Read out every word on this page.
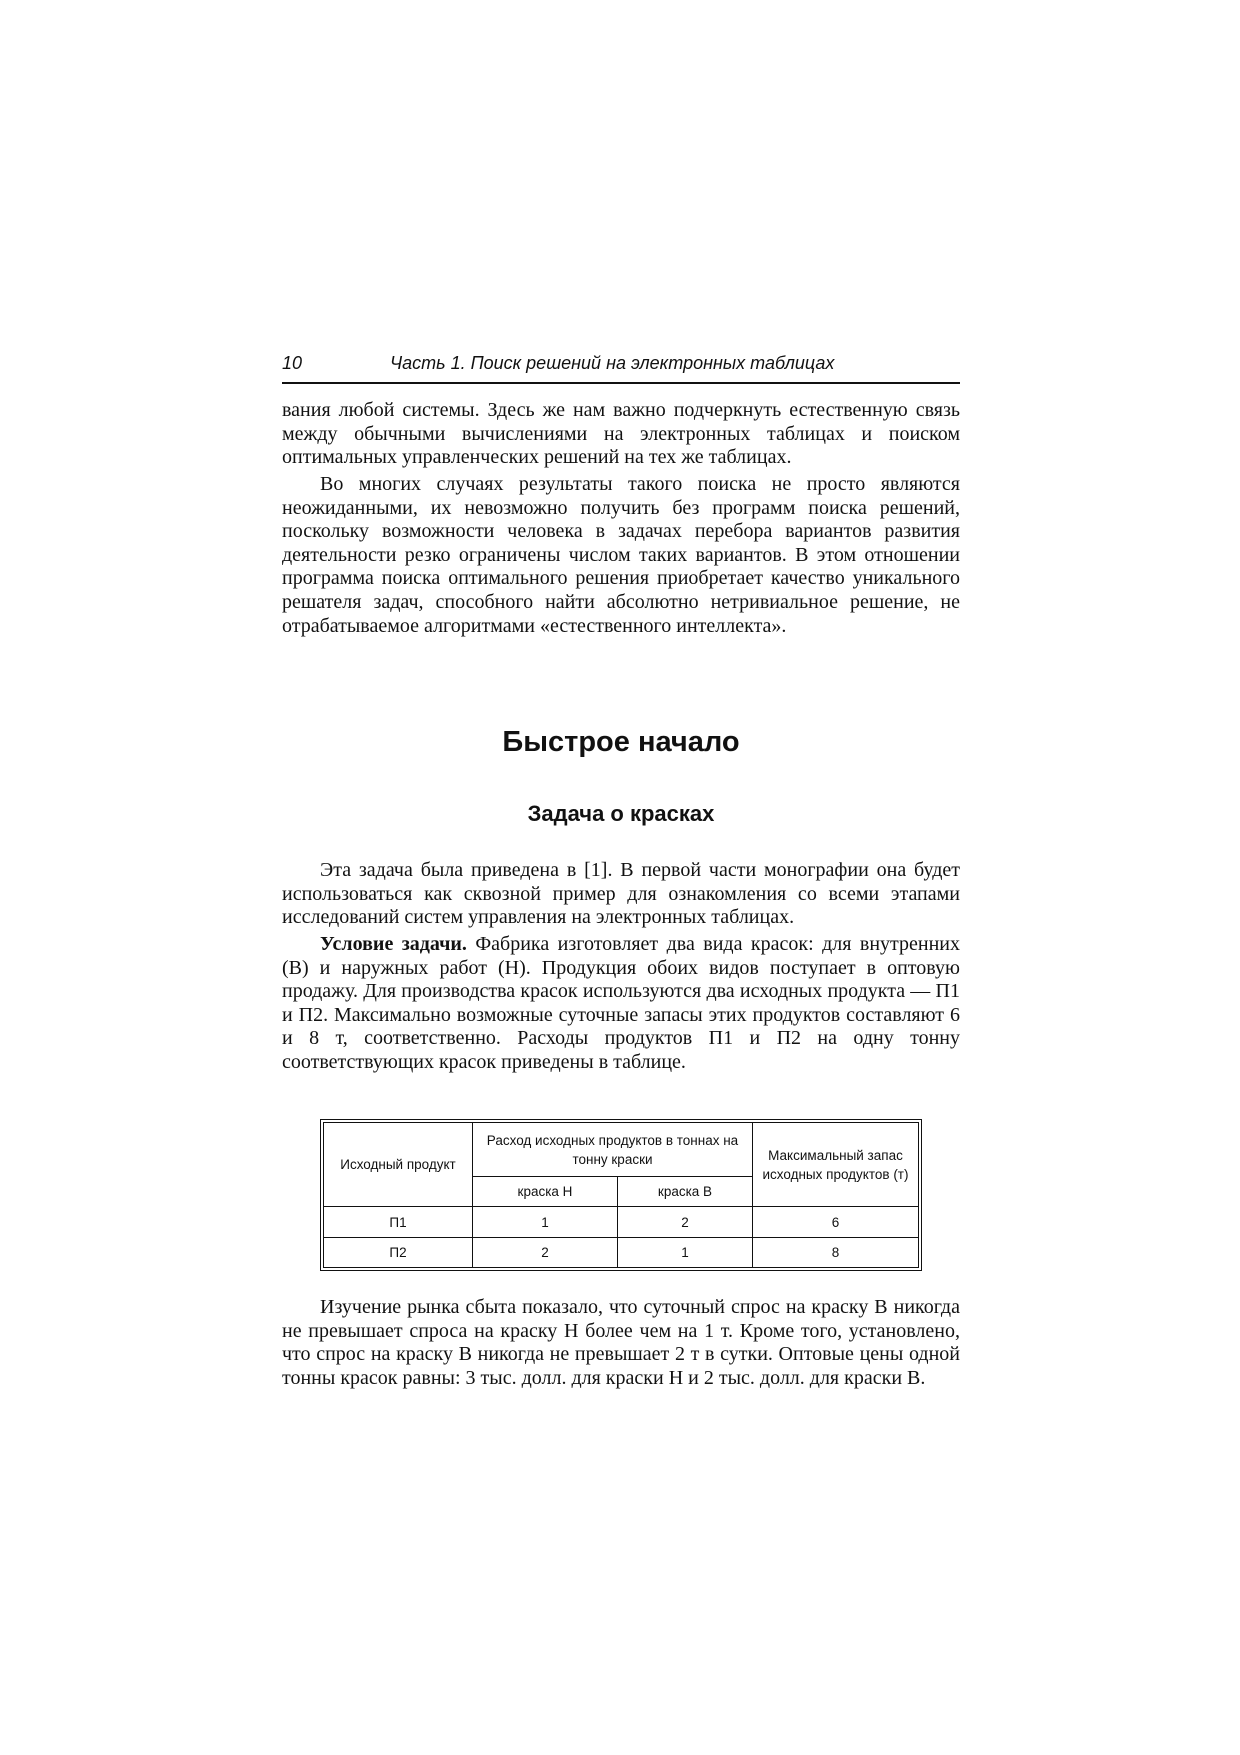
10	Часть 1. Поиск решений на электронных таблицах

вания любой системы. Здесь же нам важно подчеркнуть естественную связь между обычными вычислениями на электронных таблицах и поиском оптимальных управленческих решений на тех же таблицах.

Во многих случаях результаты такого поиска не просто являются неожиданными, их невозможно получить без программ поиска решений, поскольку возможности человека в задачах перебора вариантов развития деятельности резко ограничены числом таких вариантов. В этом отношении программа поиска оптимального решения приобретает качество уникального решателя задач, способного найти абсолютно нетривиальное решение, не отрабатываемое алгоритмами «естественного интеллекта».

Быстрое начало
Задача о красках

Эта задача была приведена в [1]. В первой части монографии она будет использоваться как сквозной пример для ознакомления со всеми этапами исследований систем управления на электронных таблицах.

Условие задачи. Фабрика изготовляет два вида красок: для внутренних (В) и наружных работ (Н). Продукция обоих видов поступает в оптовую продажу. Для производства красок используются два исходных продукта — П1 и П2. Максимально возможные суточные запасы этих продуктов составляют 6 и 8 т, соответственно. Расходы продуктов П1 и П2 на одну тонну соответствующих красок приведены в таблице.

Исходный продукт	Расход исходных продуктов в тоннах на тонну краски		Максимальный запас исходных продуктов (т)
	краска Н	краска В	
П1	1	2	6
П2	2	1	8

Изучение рынка сбыта показало, что суточный спрос на краску В никогда не превышает спроса на краску Н более чем на 1 т. Кроме того, установлено, что спрос на краску В никогда не превышает 2 т в сутки. Оптовые цены одной тонны красок равны: 3 тыс. долл. для краски Н и 2 тыс. долл. для краски В.
